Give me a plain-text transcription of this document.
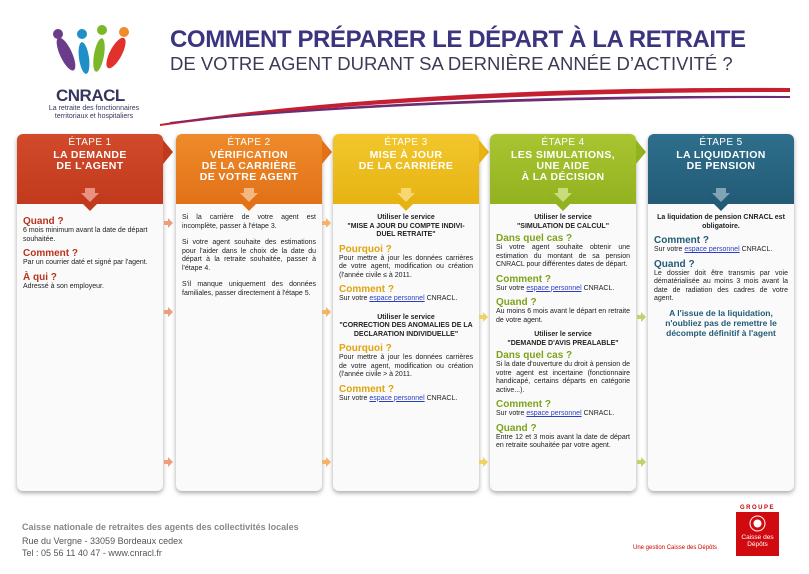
CNRACL
La retraite des fonctionnaires territoriaux et hospitaliers
COMMENT PRÉPARER LE DÉPART À LA RETRAITE
DE VOTRE AGENT DURANT SA DERNIÈRE ANNÉE D’ACTIVITÉ ?
ÉTAPE 1
LA DEMANDE
DE L'AGENT
Quand ?

6 mois minimum avant la date de départ souhaitée.

Comment ?

Par un courrier daté et signé par l'agent.

À qui ?

Adressé à son employeur.

ÉTAPE 2
VÉRIFICATION
DE LA CARRIÈRE
DE VOTRE AGENT

Si la carrière de votre agent est incomplète, passer à l'étape 3.

Si votre agent souhaite des estimations pour l'aider dans le choix de la date du départ à la retraite souhaitée, passer à l'étape 4.

S'il manque uniquement des données familiales, passer directement à l'étape 5.

ÉTAPE 3
MISE À JOUR
DE LA CARRIÈRE

Utiliser le service

"MISE A JOUR DU COMPTE INDIVI-DUEL RETRAITE"

Pourquoi ?

Pour mettre à jour les données carrières de votre agent, modification ou création (l'année civile ≤ à 2011.

Comment ?

Sur votre espace personnel CNRACL.

Utiliser le service

"CORRECTION DES ANOMALIES DE LA DECLARATION INDIVIDUELLE"

Pourquoi ?

Pour mettre à jour les données carrières de votre agent, modification ou création (l'année civile > à 2011.

Comment ?

Sur votre espace personnel CNRACL.

ÉTAPE 4
LES SIMULATIONS,
UNE AIDE
À LA DÉCISION

Utiliser le service

"SIMULATION DE CALCUL"

Dans quel cas ?

Si votre agent souhaite obtenir une estimation du montant de sa pension CNRACL pour différentes dates de départ.

Comment ?

Sur votre espace personnel CNRACL.

Quand ?

Au moins 6 mois avant le départ en retraite de votre agent.

Utiliser le service

"DEMANDE D'AVIS PREALABLE"

Dans quel cas ?

Si la date d'ouverture du droit à pension de votre agent est incertaine (fonctionnaire handicapé, certains départs en catégorie active...).

Comment ?

Sur votre espace personnel CNRACL.

Quand ?

Entre 12 et 3 mois avant la date de départ en retraite souhaitée par votre agent.

ÉTAPE 5
LA LIQUIDATION
DE PENSION

La liquidation de pension CNRACL est obligatoire.

Comment ?

Sur votre espace personnel CNRACL.

Quand ?

Le dossier doit être transmis par voie dématérialisée au moins 3 mois avant la date de radiation des cadres de votre agent.

A l'issue de la liquidation, n'oubliez pas de remettre le décompte définitif à l'agent

Caisse nationale de retraites des agents des collectivités locales
Rue du Vergne - 33059 Bordeaux cedex
Tel : 05 56 11 40 47 - www.cnracl.fr	Une gestion Caisse des Dépôts
GROUPE
Caisse des Dépôts
